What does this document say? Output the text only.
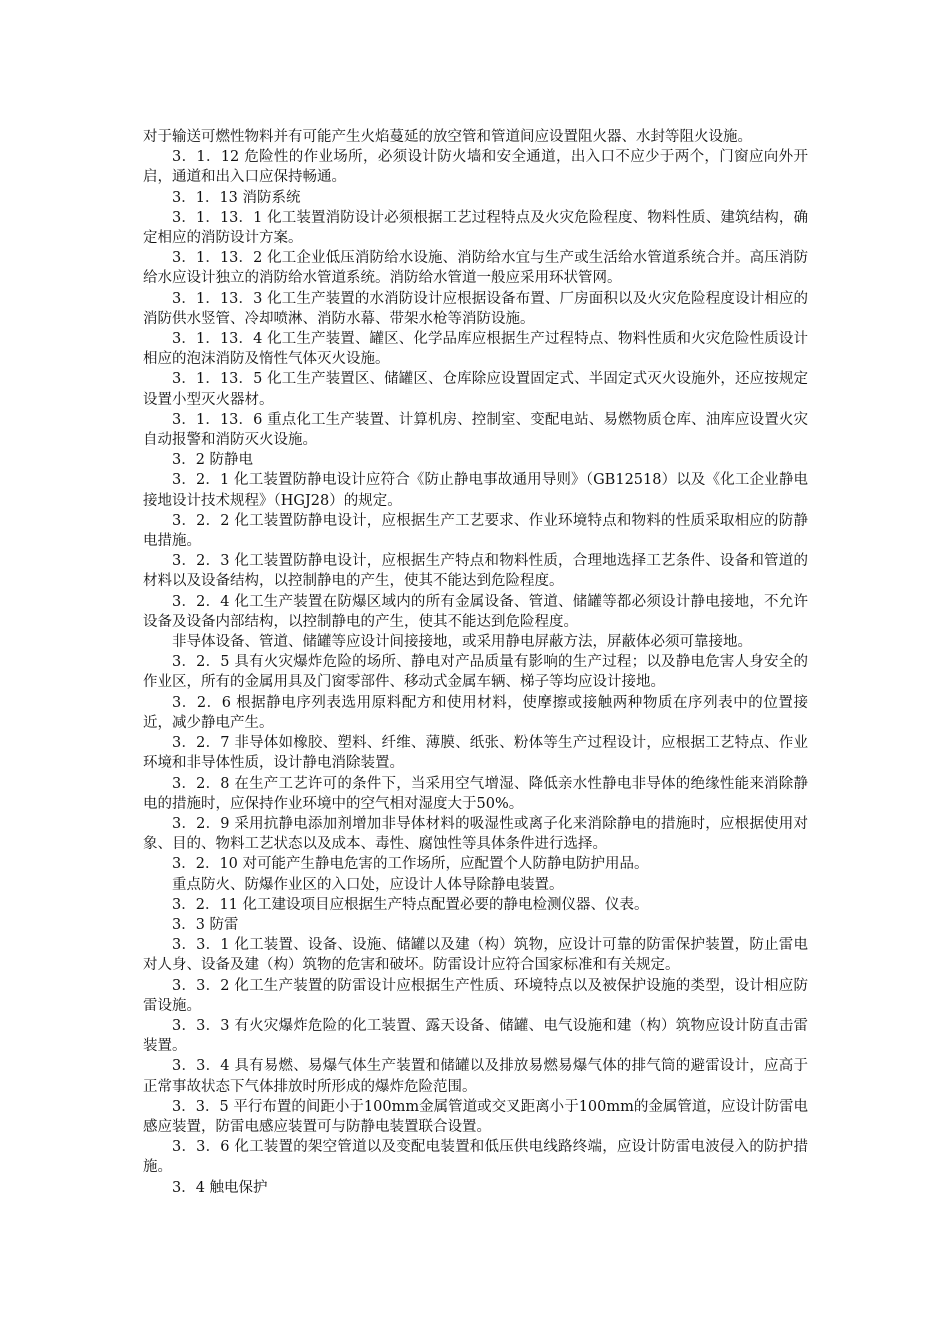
对于输送可燃性物料并有可能产生火焰蔓延的放空管和管道间应设置阻火器、水封等阻火设施。

3．1．12 危险性的作业场所，必须设计防火墙和安全通道，出入口不应少于两个，门窗应向外开启，通道和出入口应保持畅通。

3．1．13 消防系统

3．1．13．1 化工装置消防设计必须根据工艺过程特点及火灾危险程度、物料性质、建筑结构，确定相应的消防设计方案。

3．1．13．2 化工企业低压消防给水设施、消防给水宜与生产或生活给水管道系统合并。高压消防给水应设计独立的消防给水管道系统。消防给水管道一般应采用环状管网。

3．1．13．3 化工生产装置的水消防设计应根据设备布置、厂房面积以及火灾危险程度设计相应的消防供水竖管、冷却喷淋、消防水幕、带架水枪等消防设施。

3．1．13．4 化工生产装置、罐区、化学品库应根据生产过程特点、物料性质和火灾危险性质设计相应的泡沫消防及惰性气体灭火设施。

3．1．13．5 化工生产装置区、储罐区、仓库除应设置固定式、半固定式灭火设施外，还应按规定设置小型灭火器材。

3．1．13．6 重点化工生产装置、计算机房、控制室、变配电站、易燃物质仓库、油库应设置火灾自动报警和消防灭火设施。

3．2 防静电

3．2．1 化工装置防静电设计应符合《防止静电事故通用导则》（GB12518）以及《化工企业静电接地设计技术规程》（HGJ28）的规定。

3．2．2 化工装置防静电设计，应根据生产工艺要求、作业环境特点和物料的性质采取相应的防静电措施。

3．2．3 化工装置防静电设计，应根据生产特点和物料性质，合理地选择工艺条件、设备和管道的材料以及设备结构，以控制静电的产生，使其不能达到危险程度。

3．2．4 化工生产装置在防爆区域内的所有金属设备、管道、储罐等都必须设计静电接地，不允许设备及设备内部结构，以控制静电的产生，使其不能达到危险程度。

非导体设备、管道、储罐等应设计间接接地，或采用静电屏蔽方法，屏蔽体必须可靠接地。

3．2．5 具有火灾爆炸危险的场所、静电对产品质量有影响的生产过程；以及静电危害人身安全的作业区，所有的金属用具及门窗零部件、移动式金属车辆、梯子等均应设计接地。

3．2．6 根据静电序列表选用原料配方和使用材料，使摩擦或接触两种物质在序列表中的位置接近，减少静电产生。

3．2．7 非导体如橡胶、塑料、纤维、薄膜、纸张、粉体等生产过程设计，应根据工艺特点、作业环境和非导体性质，设计静电消除装置。

3．2．8 在生产工艺许可的条件下，当采用空气增湿、降低亲水性静电非导体的绝缘性能来消除静电的措施时，应保持作业环境中的空气相对湿度大于50%。

3．2．9 采用抗静电添加剂增加非导体材料的吸湿性或离子化来消除静电的措施时，应根据使用对象、目的、物料工艺状态以及成本、毒性、腐蚀性等具体条件进行选择。

3．2．10 对可能产生静电危害的工作场所，应配置个人防静电防护用品。

重点防火、防爆作业区的入口处，应设计人体导除静电装置。

3．2．11 化工建设项目应根据生产特点配置必要的静电检测仪器、仪表。

3．3 防雷

3．3．1 化工装置、设备、设施、储罐以及建（构）筑物，应设计可靠的防雷保护装置，防止雷电对人身、设备及建（构）筑物的危害和破坏。防雷设计应符合国家标准和有关规定。

3．3．2 化工生产装置的防雷设计应根据生产性质、环境特点以及被保护设施的类型，设计相应防雷设施。

3．3．3 有火灾爆炸危险的化工装置、露天设备、储罐、电气设施和建（构）筑物应设计防直击雷装置。

3．3．4 具有易燃、易爆气体生产装置和储罐以及排放易燃易爆气体的排气筒的避雷设计，应高于正常事故状态下气体排放时所形成的爆炸危险范围。

3．3．5 平行布置的间距小于100mm金属管道或交叉距离小于100mm的金属管道，应设计防雷电感应装置，防雷电感应装置可与防静电装置联合设置。

3．3．6 化工装置的架空管道以及变配电装置和低压供电线路终端，应设计防雷电波侵入的防护措施。

3．4 触电保护
